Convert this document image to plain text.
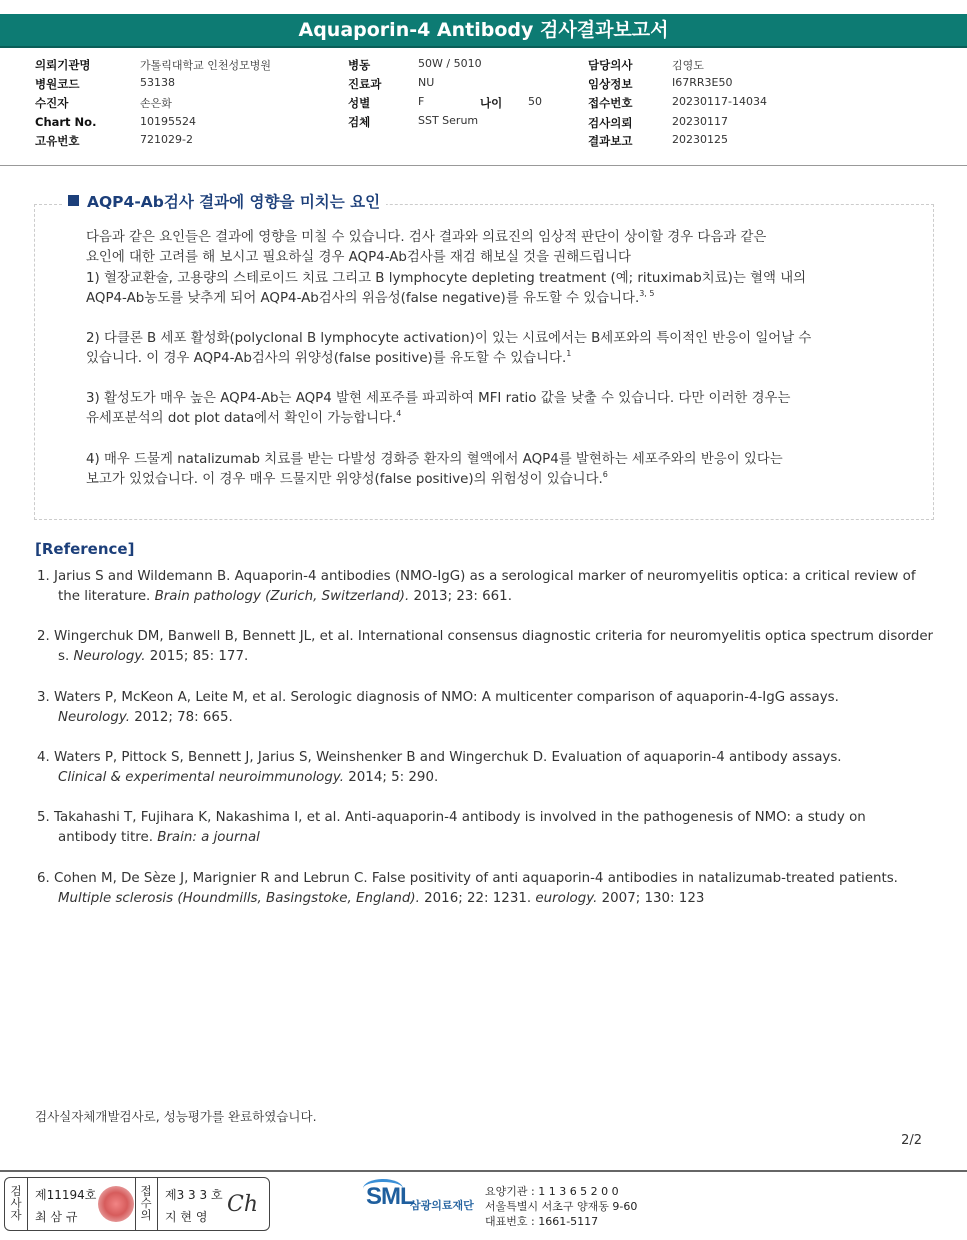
Aquaporin-4 Antibody 검사결과보고서
의뢰기관명	가톨릭대학교 인천성모병원
병원코드	53138
수진자	손은화
Chart No.	10195524
고유번호	721029-2
병동	50W / 5010
진료과	NU
성별	F	나이 50
검체	SST Serum
담당의사	김영도
임상정보	I67RR3E50
접수번호	20230117-14034
검사의뢰	20230117
결과보고	20230125
AQP4-Ab검사 결과에 영향을 미치는 요인
다음과 같은 요인들은 결과에 영향을 미칠 수 있습니다. 검사 결과와 의료진의 임상적 판단이 상이할 경우 다음과 같은
요인에 대한 고려를 해 보시고 필요하실 경우 AQP4-Ab검사를 재검 해보실 것을 권해드립니다
1) 혈장교환술, 고용량의 스테로이드 치료 그리고 B lymphocyte depleting treatment (예; rituximab치료)는 혈액 내의
AQP4-Ab농도를 낮추게 되어 AQP4-Ab검사의 위음성(false negative)를 유도할 수 있습니다.$^{3, 5}$
2) 다클론 B 세포 활성화(polyclonal B lymphocyte activation)이 있는 시료에서는 B세포와의 특이적인 반응이 일어날 수
있습니다. 이 경우 AQP4-Ab검사의 위양성(false positive)를 유도할 수 있습니다.$^1$
3) 활성도가 매우 높은 AQP4-Ab는 AQP4 발현 세포주를 파괴하여 MFI ratio 값을 낮출 수 있습니다. 다만 이러한 경우는
유세포분석의 dot plot data에서 확인이 가능합니다.$^4$
4) 매우 드물게 natalizumab 치료를 받는 다발성 경화증 환자의 혈액에서 AQP4를 발현하는 세포주와의 반응이 있다는
보고가 있었습니다. 이 경우 매우 드물지만 위양성(false positive)의 위험성이 있습니다.$^6$
[Reference]
1. Jarius S and Wildemann B. Aquaporin-4 antibodies (NMO-IgG) as a serological marker of neuromyelitis optica: a critical review of
the literature. Brain pathology (Zurich, Switzerland). 2013; 23: 661.
2. Wingerchuk DM, Banwell B, Bennett JL, et al. International consensus diagnostic criteria for neuromyelitis optica spectrum disorder
s. Neurology. 2015; 85: 177.
3. Waters P, McKeon A, Leite M, et al. Serologic diagnosis of NMO: A multicenter comparison of aquaporin-4-IgG assays.
Neurology. 2012; 78: 665.
4. Waters P, Pittock S, Bennett J, Jarius S, Weinshenker B and Wingerchuk D. Evaluation of aquaporin-4 antibody assays.
Clinical & experimental neuroimmunology. 2014; 5: 290.
5. Takahashi T, Fujihara K, Nakashima I, et al. Anti-aquaporin-4 antibody is involved in the pathogenesis of NMO: a study on
antibody titre. Brain: a journal
6. Cohen M, De Sèze J, Marignier R and Lebrun C. False positivity of anti aquaporin-4 antibodies in natalizumab-treated patients.
Multiple sclerosis (Houndmills, Basingstoke, England). 2016; 22: 1231. eurology. 2007; 130: 123
검사실자체개발검사로, 성능평가를 완료하였습니다.
2/2
검
사
자
제11194호
최 삼 규
접
수
의
제3 3 3 호
지 현 영 Ch	SML
삼광의료재단
요양기관 : 1 1 3 6 5 2 0 0
서울특별시 서초구 양재동 9-60
대표번호 : 1661-5117
